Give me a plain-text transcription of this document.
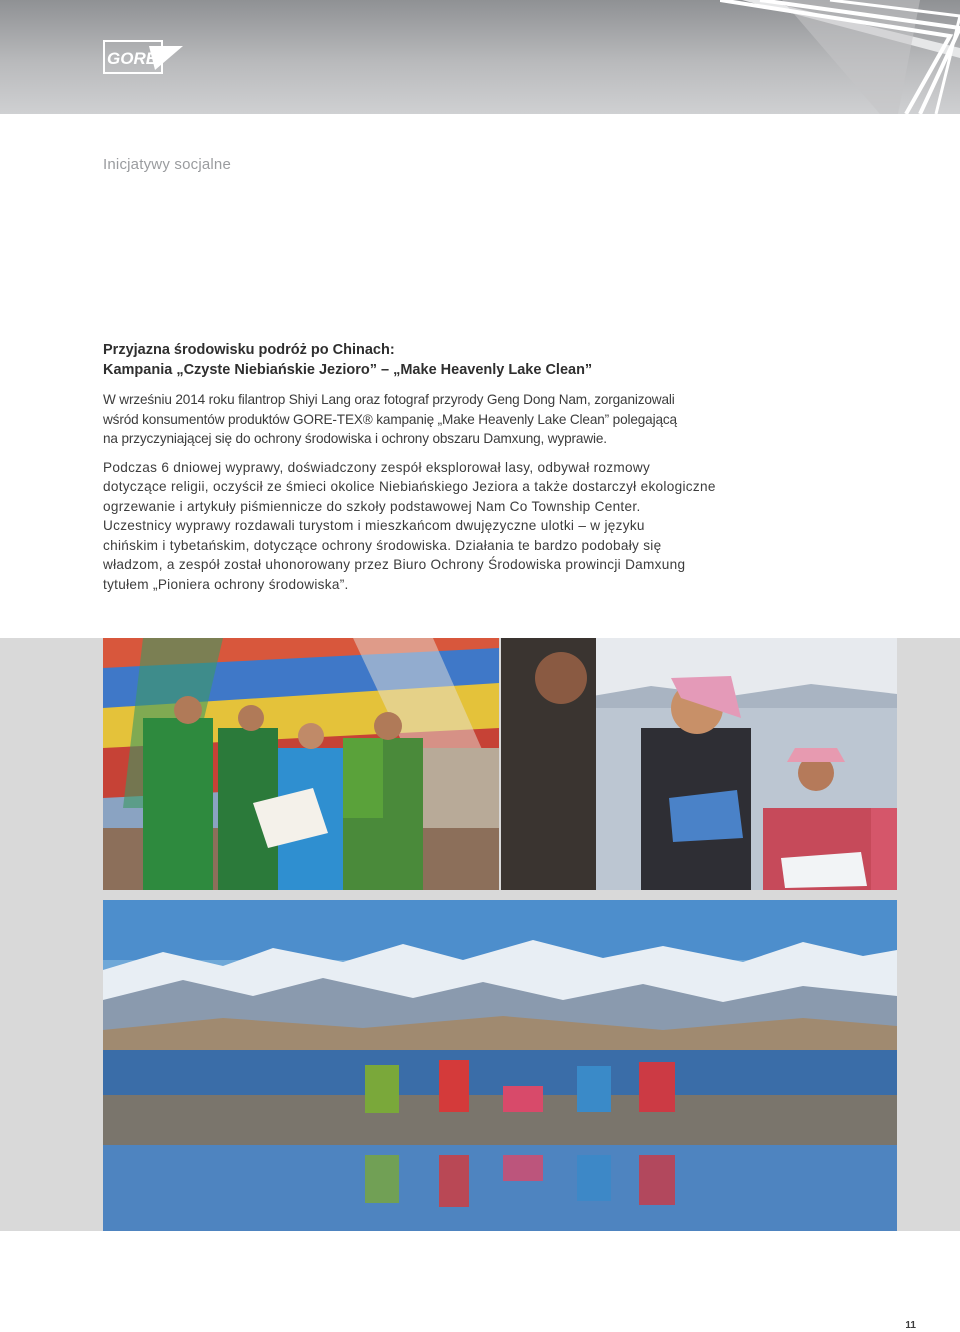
GORE
Inicjatywy socjalne

Przyjazna środowisku podróż po Chinach:

Kampania „Czyste Niebiańskie Jezioro” – „Make Heavenly Lake Clean”

W wrześniu 2014 roku filantrop Shiyi Lang oraz fotograf przyrody Geng Dong Nam, zorganizowali
wśród konsumentów produktów GORE-TEX® kampanię „Make Heavenly Lake Clean” polegającą
na przyczyniającej się do ochrony środowiska i ochrony obszaru Damxung, wyprawie.
Podczas 6 dniowej wyprawy, doświadczony zespół eksplorował lasy, odbywał rozmowy
dotyczące religii, oczyścił ze śmieci okolice Niebiańskiego Jeziora a także dostarczył ekologiczne
ogrzewanie i artykuły piśmiennicze do szkoły podstawowej Nam Co Township Center.
Uczestnicy wyprawy rozdawali turystom i mieszkańcom dwujęzyczne ulotki – w języku
chińskim i tybetańskim, dotyczące ochrony środowiska. Działania te bardzo podobały się
władzom, a zespół został uhonorowany przez Biuro Ochrony Środowiska prowincji Damxung
tytułem „Pioniera ochrony środowiska”.
11
